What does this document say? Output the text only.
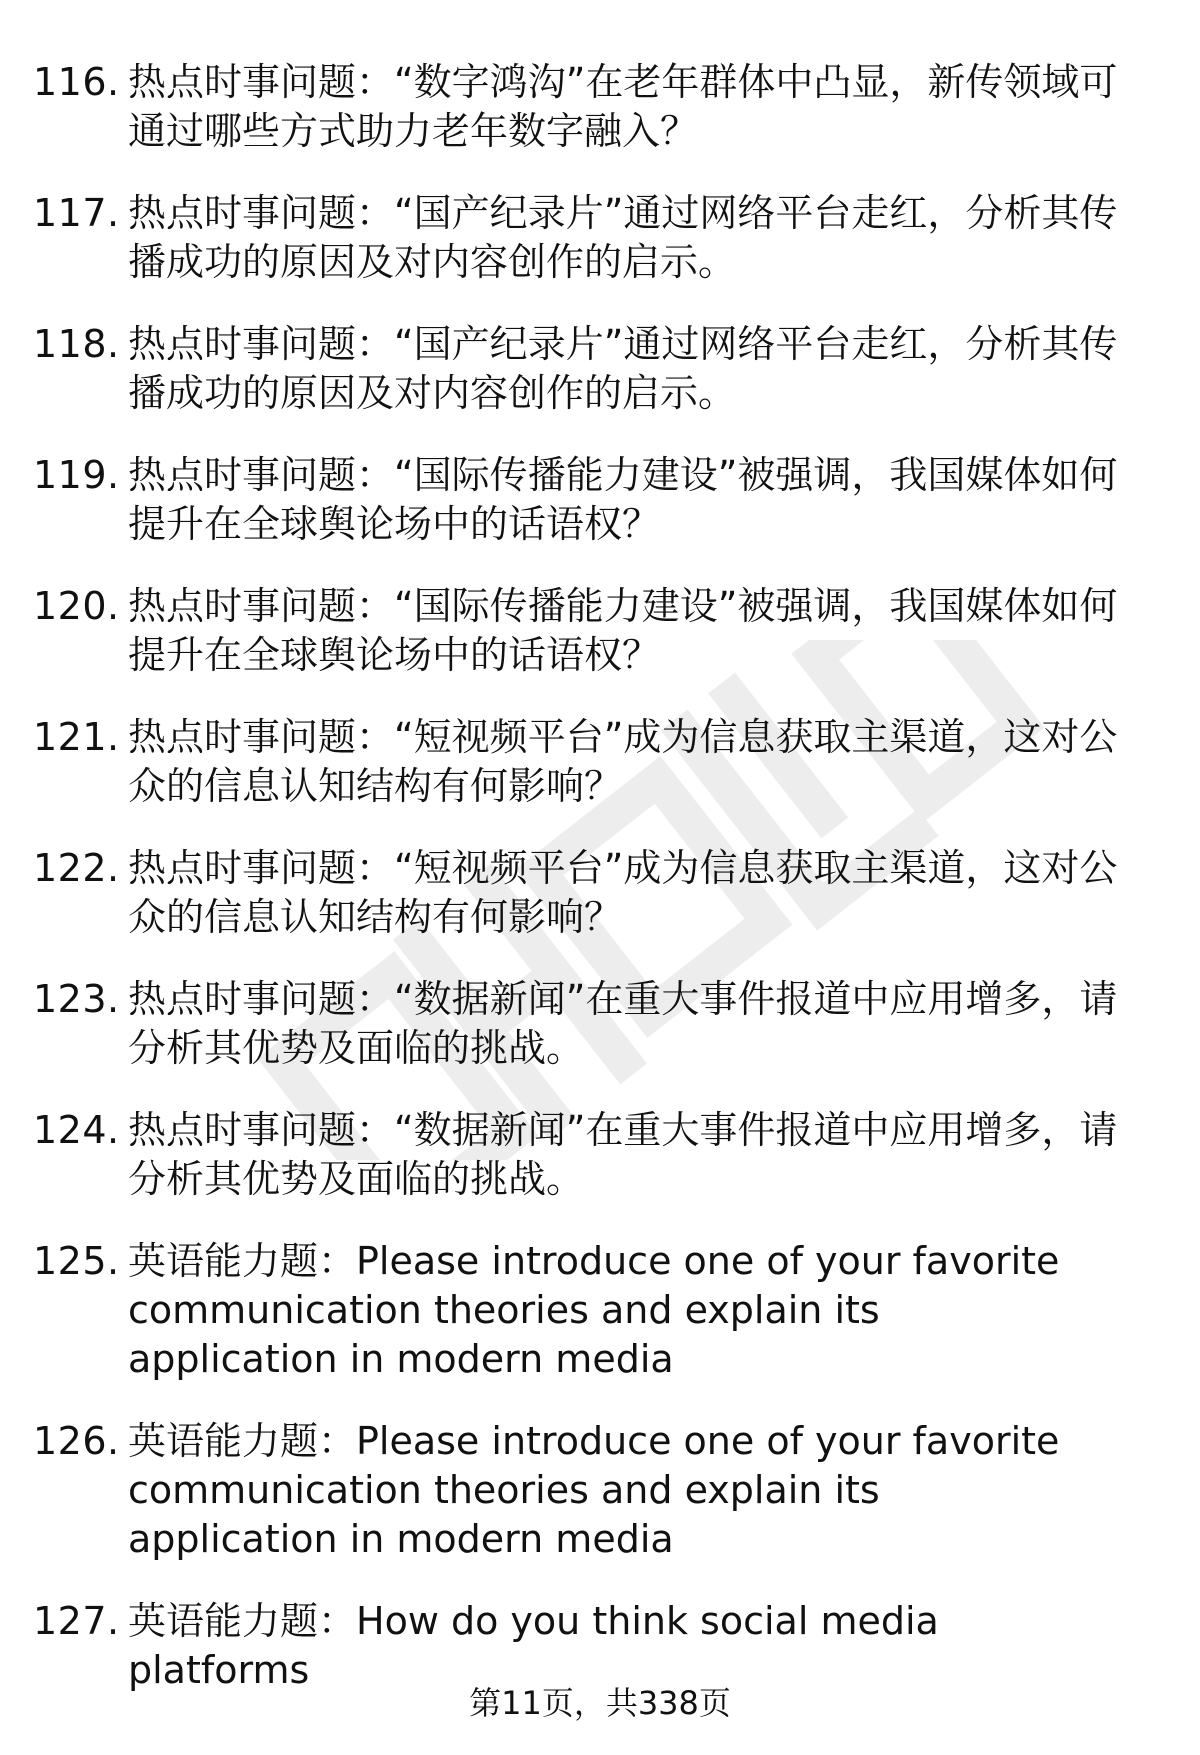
116. 热点时事问题：“数字鸿沟”在老年群体中凸显，新传领域可通过哪些方式助力老年数字融入？
117. 热点时事问题：“国产纪录片”通过网络平台走红，分析其传播成功的原因及对内容创作的启示。
118. 热点时事问题：“国产纪录片”通过网络平台走红，分析其传播成功的原因及对内容创作的启示。
119. 热点时事问题：“国际传播能力建设”被强调，我国媒体如何提升在全球舆论场中的话语权？
120. 热点时事问题：“国际传播能力建设”被强调，我国媒体如何提升在全球舆论场中的话语权？
121. 热点时事问题：“短视频平台”成为信息获取主渠道，这对公众的信息认知结构有何影响？
122. 热点时事问题：“短视频平台”成为信息获取主渠道，这对公众的信息认知结构有何影响？
123. 热点时事问题：“数据新闻”在重大事件报道中应用增多，请分析其优势及面临的挑战。
124. 热点时事问题：“数据新闻”在重大事件报道中应用增多，请分析其优势及面临的挑战。
125. 英语能力题：Please introduce one of your favorite communication theories and explain its application in modern media
126. 英语能力题：Please introduce one of your favorite communication theories and explain its application in modern media
127. 英语能力题：How do you think social media platforms
第11页，共338页
